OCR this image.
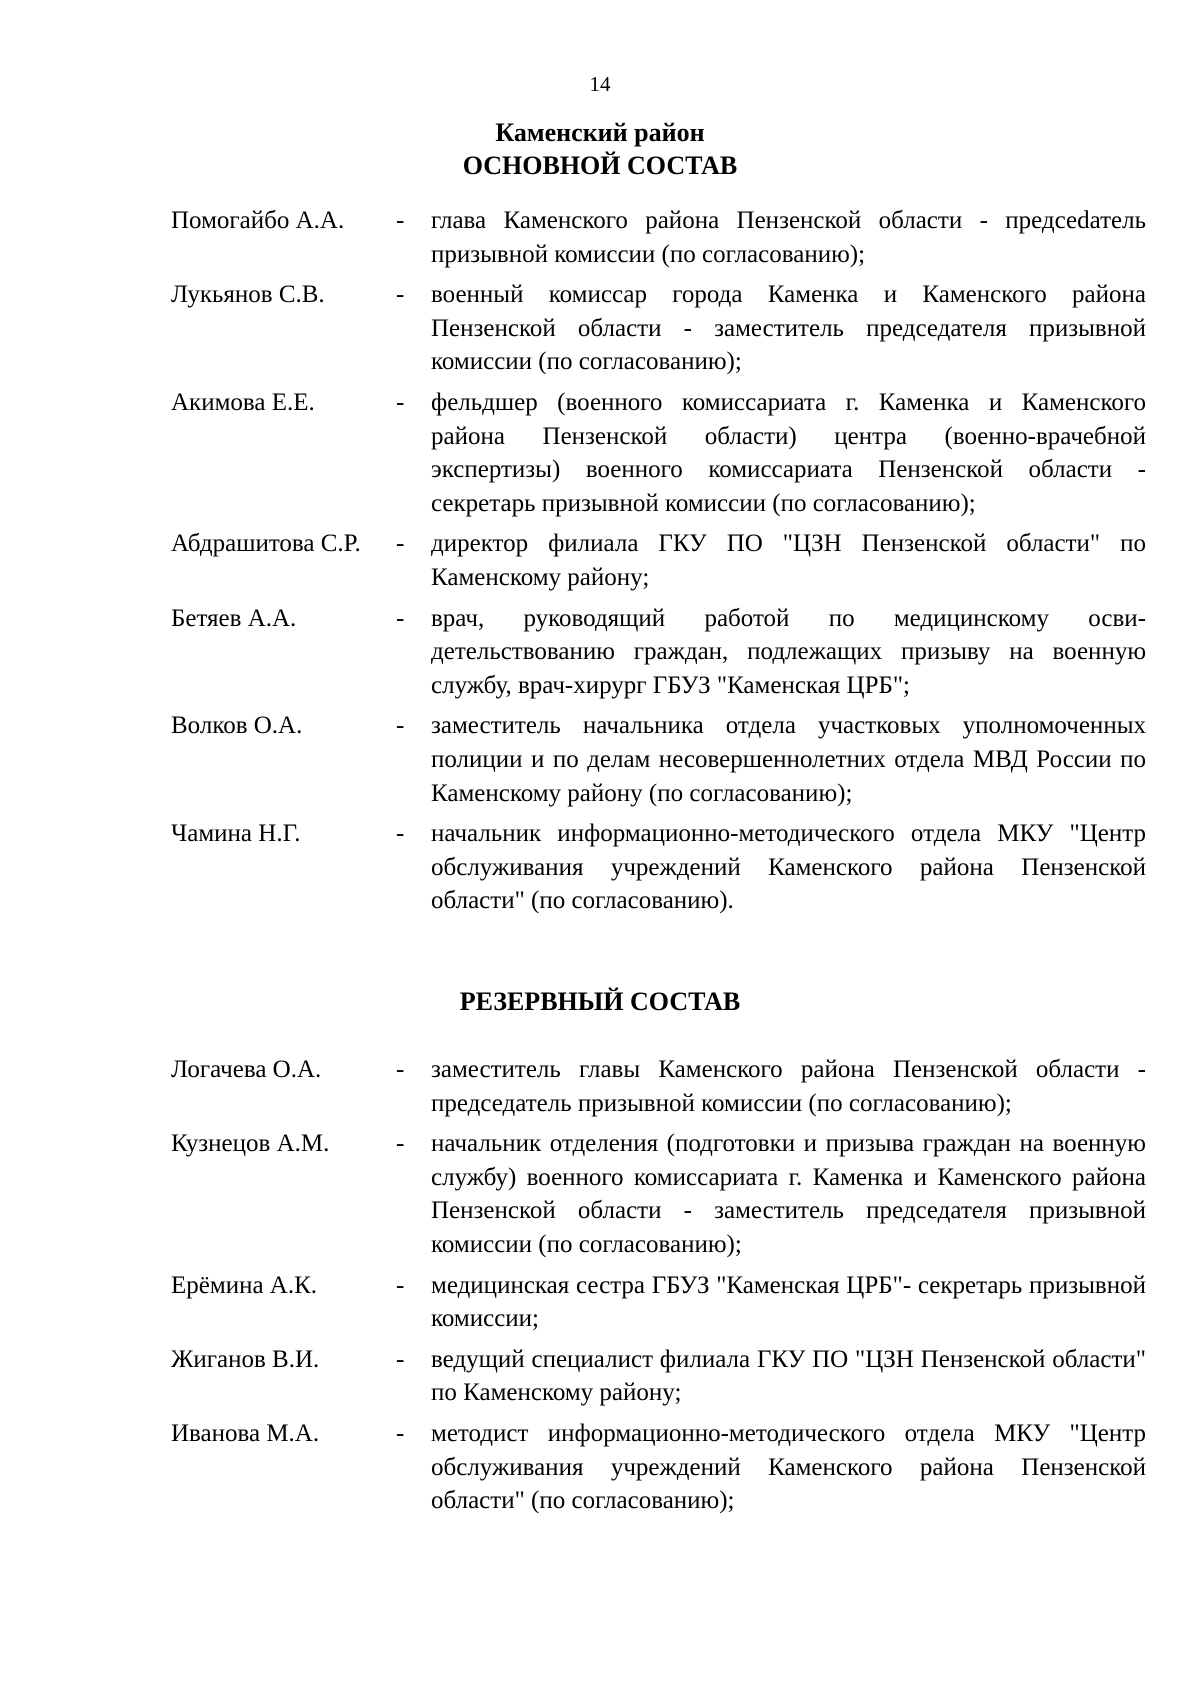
14
Каменский район
ОСНОВНОЙ СОСТАВ
Помогайбо А.А.	-	глава Каменского района Пензенской области - предсеdатель призывной комиссии (по согласованию);
Лукьянов С.В.	-	военный комиссар города Каменка и Каменского района Пензенской области - заместитель председателя призывной комиссии (по согласованию);
Акимова Е.Е.	-	фельдшер (военного комиссариата г. Каменка и Каменского района Пензенской области) центра (военно-врачебной экспертизы) военного комиссариата Пензенской области - секретарь призывной комиссии (по согласованию);
Абдрашитова С.Р.	-	директор филиала ГКУ ПО "ЦЗН Пензенской области" по Каменскому району;
Бетяев А.А.	-	врач, руководящий работой по медицинскому освидетельствованию граждан, подлежащих призыву на военную службу, врач-хирург ГБУЗ "Каменская ЦРБ";
Волков О.А.	-	заместитель начальника отдела участковых уполномоченных полиции и по делам несовершеннолетних отдела МВД России по Каменскому району (по согласованию);
Чамина Н.Г.	-	начальник информационно-методического отдела МКУ "Центр обслуживания учреждений Каменского района Пензенской области" (по согласованию).
РЕЗЕРВНЫЙ СОСТАВ
Логачева О.А.	-	заместитель главы Каменского района Пензенской области - председатель призывной комиссии (по согласованию);
Кузнецов А.М.	-	начальник отделения (подготовки и призыва граждан на военную службу) военного комиссариата г. Каменка и Каменского района Пензенской области - заместитель председателя призывной комиссии (по согласованию);
Ерёмина А.К.	-	медицинская сестра ГБУЗ "Каменская ЦРБ"- секретарь призывной комиссии;
Жиганов В.И.	-	ведущий специалист филиала ГКУ ПО "ЦЗН Пензенской области" по Каменскому району;
Иванова М.А.	-	методист информационно-методического отдела МКУ "Центр обслуживания учреждений Каменского района Пензенской области" (по согласованию);
